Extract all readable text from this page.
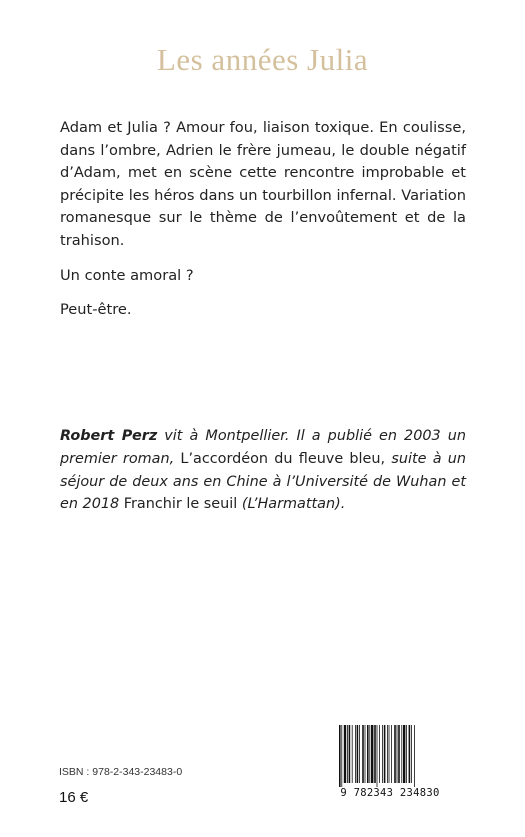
Les années Julia

Adam et Julia ? Amour fou, liaison toxique. En coulisse, dans l’ombre, Adrien le frère jumeau, le double négatif d’Adam, met en scène cette rencontre improbable et précipite les héros dans un tourbillon infernal. Variation romanesque sur le thème de l’envoûtement et de la trahison.

Un conte amoral ?

Peut-être.

Robert Perz vit à Montpellier. Il a publié en 2003 un premier roman, L’accordéon du fleuve bleu, suite à un séjour de deux ans en Chine à l’Université de Wuhan et en 2018 Franchir le seuil (L’Harmattan).
ISBN : 978-2-343-23483-0
16 €	9 782343 234830
